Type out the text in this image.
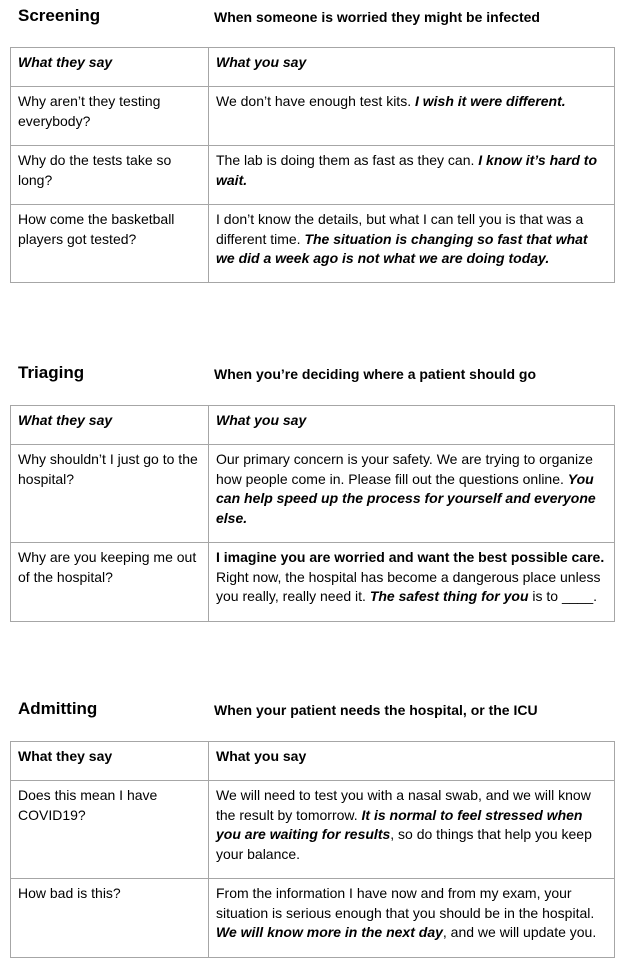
Screening	When someone is worried they might be infected
What they say	What you say
Why aren’t they testing everybody?	We don’t have enough test kits. I wish it were different.
Why do the tests take so long?	The lab is doing them as fast as they can. I know it’s hard to wait.
How come the basketball players got tested?	I don’t know the details, but what I can tell you is that was a different time. The situation is changing so fast that what we did a week ago is not what we are doing today.
Triaging	When you’re deciding where a patient should go
What they say	What you say
Why shouldn’t I just go to the hospital?	Our primary concern is your safety. We are trying to organize how people come in. Please fill out the questions online. You can help speed up the process for yourself and everyone else.
Why are you keeping me out of the hospital?	I imagine you are worried and want the best possible care. Right now, the hospital has become a dangerous place unless you really, really need it. The safest thing for you is to ____.
Admitting	When your patient needs the hospital, or the ICU
What they say	What you say
Does this mean I have COVID19?	We will need to test you with a nasal swab, and we will know the result by tomorrow. It is normal to feel stressed when you are waiting for results, so do things that help you keep your balance.
How bad is this?	From the information I have now and from my exam, your situation is serious enough that you should be in the hospital. We will know more in the next day, and we will update you.
